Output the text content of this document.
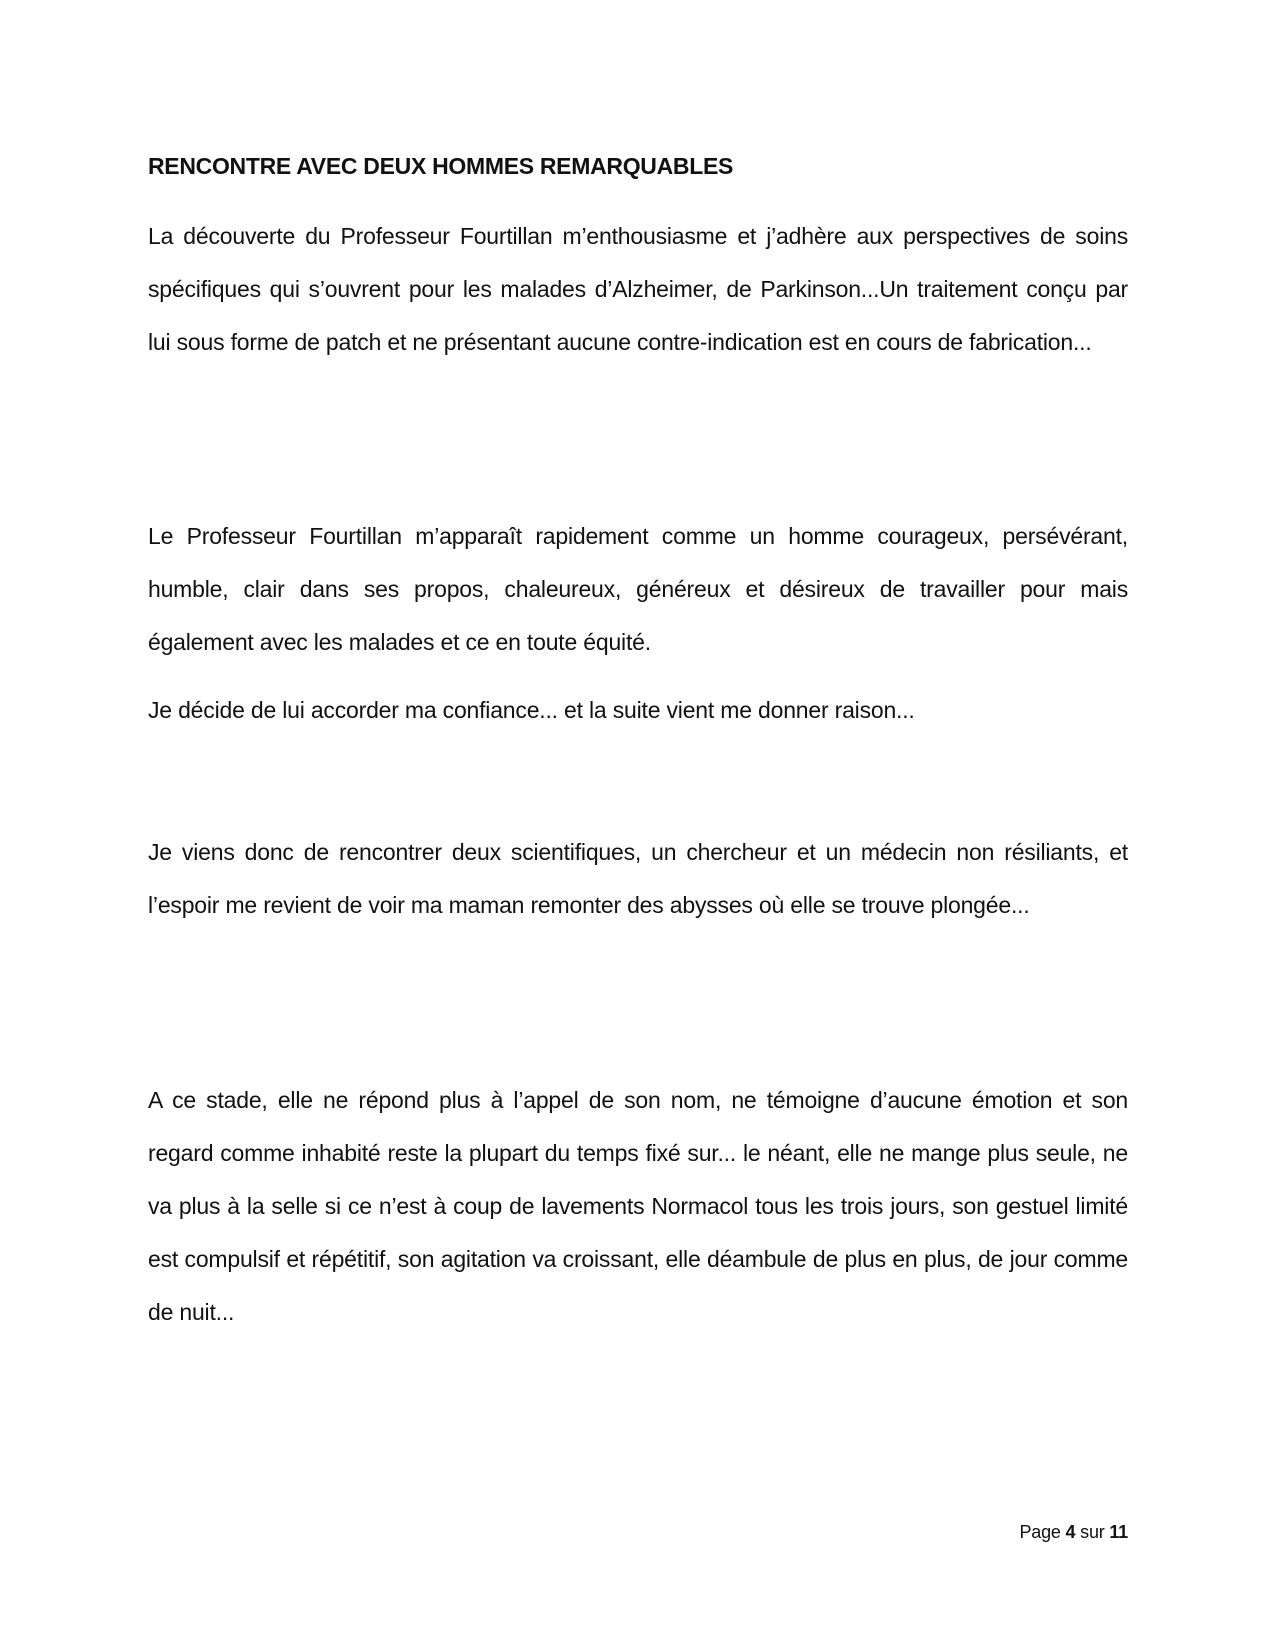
RENCONTRE AVEC DEUX HOMMES REMARQUABLES

La découverte du Professeur Fourtillan m’enthousiasme et j’adhère aux perspectives de soins spécifiques qui s’ouvrent pour les malades d’Alzheimer, de Parkinson...Un traitement conçu par lui sous forme de patch et ne présentant aucune contre-indication est en cours de fabrication...

Le Professeur Fourtillan m’apparaît rapidement comme un homme courageux, persévérant, humble, clair dans ses propos, chaleureux, généreux et désireux de travailler pour mais également avec les malades et ce en toute équité.

Je décide de lui accorder ma confiance... et la suite vient me donner raison...

Je viens donc de rencontrer deux scientifiques, un chercheur et un médecin non résiliants, et l’espoir me revient de voir ma maman remonter des abysses où elle se trouve plongée...

A ce stade, elle ne répond plus à l’appel de son nom, ne témoigne d’aucune émotion et son regard comme inhabité reste la plupart du temps fixé sur... le néant, elle ne mange plus seule, ne va plus à la selle si ce n’est à coup de lavements Normacol tous les trois jours, son gestuel limité est compulsif et répétitif, son agitation va croissant, elle déambule de plus en plus, de jour comme de nuit...

Page 4 sur 11
